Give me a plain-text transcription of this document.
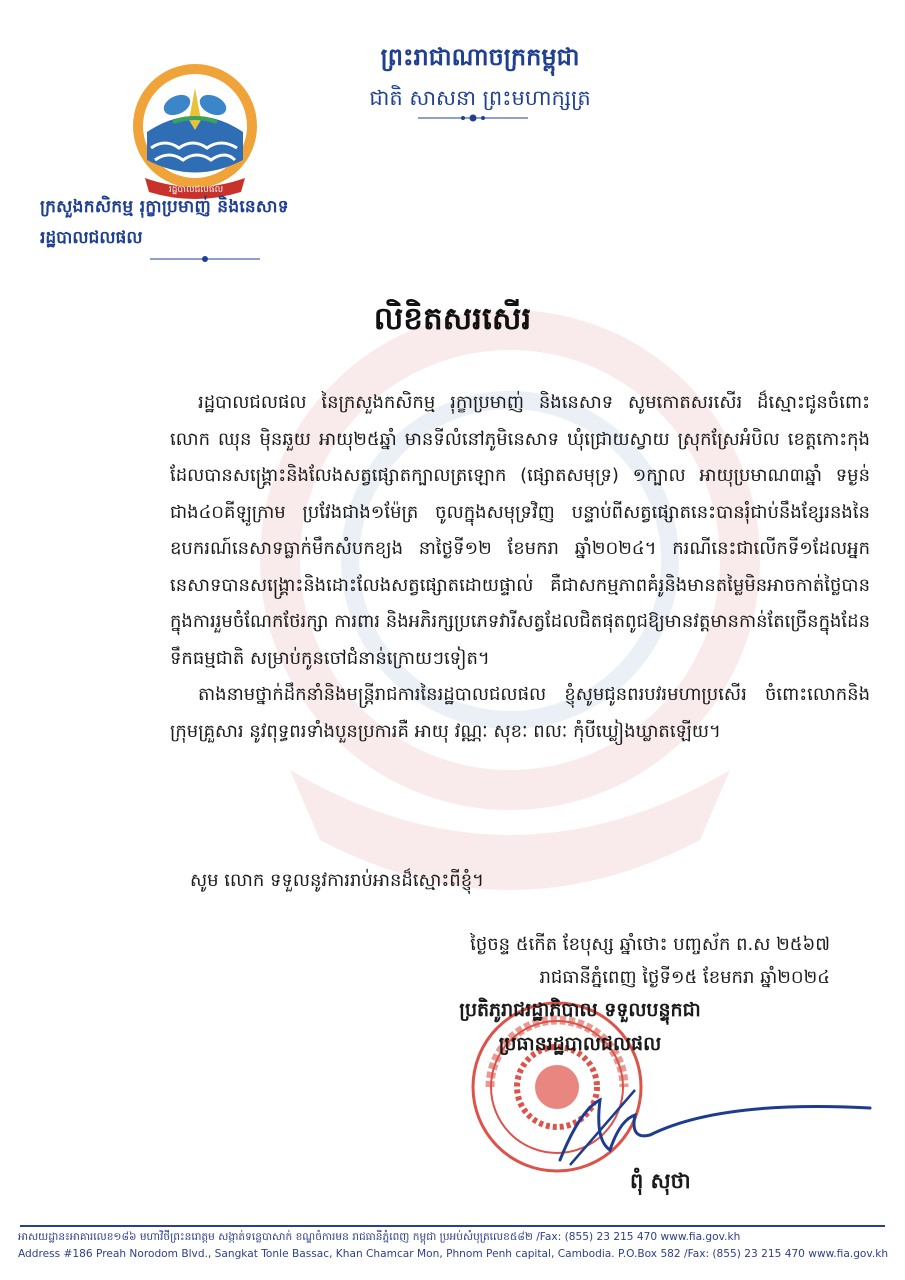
រដ្ឋបាលជលផល
ក្រសួងកសិកម្ម រុក្ខាប្រមាញ់ និងនេសាទ
រដ្ឋបាលជលផល
ព្រះរាជាណាចក្រកម្ពុជា
ជាតិ សាសនា ព្រះមហាក្សត្រ
លិខិតសរសើរ

រដ្ឋបាលជលផល នៃក្រសួងកសិកម្ម រុក្ខាប្រមាញ់ និងនេសាទ សូមកោតសរសើរ ដ៏ស្មោះជូនចំពោះ លោក ឈុន ម៉ិនឆួយ អាយុ២៥ឆ្នាំ មានទីលំនៅភូមិនេសាទ ឃុំជ្រោយស្វាយ ស្រុកស្រែអំបិល ខេត្តកោះកុង ដែលបានសង្គ្រោះនិងលែងសត្វផ្សោតក្បាលត្រឡោក (ផ្សោតសមុទ្រ) ១ក្បាល អាយុប្រមាណ៣ឆ្នាំ ទម្ងន់ជាង៤០គីឡូក្រាម ប្រវែងជាង១ម៉ែត្រ ចូលក្នុងសមុទ្រវិញ បន្ទាប់ពីសត្វផ្សោតនេះបានរុំជាប់នឹងខ្សែរនងនៃឧបករណ៍នេសាទធ្លាក់មឹកសំបកខ្យង នាថ្ងៃទី១២ ខែមករា ឆ្នាំ២០២៤។ ករណីនេះជាលើកទី១ដែលអ្នកនេសាទបានសង្គ្រោះនិងដោះលែងសត្វផ្សោតដោយផ្ទាល់ គឺជាសកម្មភាពគំរូនិងមានតម្លៃមិនអាចកាត់ថ្លៃបានក្នុងការរួមចំណែកថែរក្សា ការពារ និងអភិរក្សប្រភេទវារីសត្វដែលជិតផុតពូជឱ្យមានវត្តមានកាន់តែច្រើនក្នុងដែនទឹកធម្មជាតិ សម្រាប់កូនចៅជំនាន់ក្រោយៗទៀត។

តាងនាមថ្នាក់ដឹកនាំនិងមន្ត្រីរាជការនៃរដ្ឋបាលជលផល ខ្ញុំសូមជូនពរបវរមហាប្រសើរ ចំពោះលោកនិងក្រុមគ្រួសារ នូវពុទ្ធពរទាំងបួនប្រការគឺ អាយុ វណ្ណៈ សុខៈ ពលៈ កុំបីឃ្លៀងឃ្លាតឡើយ។

សូម លោក ទទួលនូវការរាប់អានដ៏ស្មោះពីខ្ញុំ។
ថ្ងៃចន្ទ ៥កើត ខែបុស្ស ឆ្នាំថោះ បញ្ចស័ក ព.ស ២៥៦៧
រាជធានីភ្នំពេញ ថ្ងៃទី១៥ ខែមករា ឆ្នាំ២០២៤
ប្រតិភូរាជរដ្ឋាភិបាល ទទួលបន្ទុកជា
ប្រធានរដ្ឋបាលជលផល
ពុំ សុថា
អាសយដ្ឋាន៖អាគារលេខ១៨៦ មហាវិថីព្រះនរោត្តម សង្កាត់ទន្លេបាសាក់ ខណ្ឌចំការមន រាជធានីភ្នំពេញ កម្ពុជា ប្រអប់សំបុត្រលេខ៥៨២ /Fax: (855) 23 215 470 www.fia.gov.kh
Address #186 Preah Norodom Blvd., Sangkat Tonle Bassac, Khan Chamcar Mon, Phnom Penh capital, Cambodia. P.O.Box 582 /Fax: (855) 23 215 470 www.fia.gov.kh
